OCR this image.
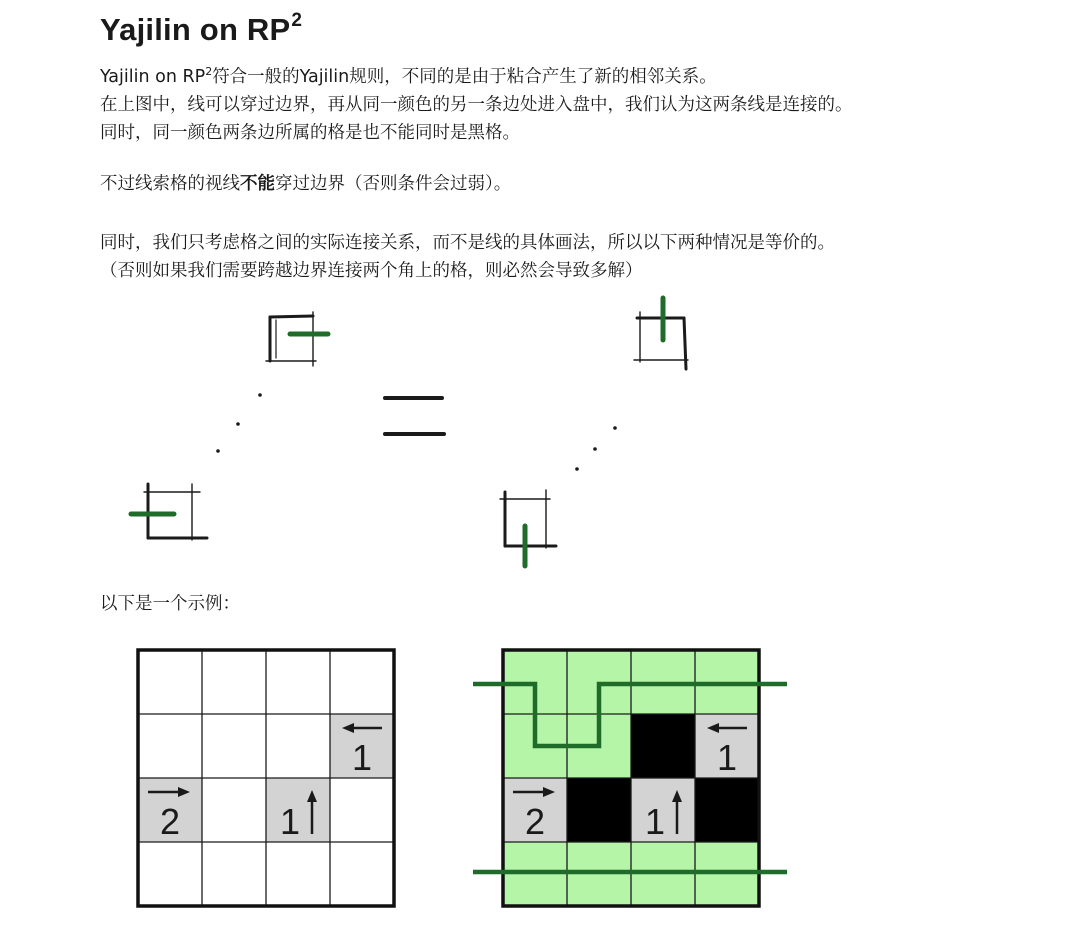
Yajilin on $RP^2$
Yajilin on $RP^2$符合一般的Yajilin规则，不同的是由于粘合产生了新的相邻关系。
在上图中，线可以穿过边界，再从同一颜色的另一条边处进入盘中，我们认为这两条线是连接的。
同时，同一颜色两条边所属的格是也不能同时是黑格。
不过线索格的视线不能穿过边界（否则条件会过弱）。
同时，我们只考虑格之间的实际连接关系，而不是线的具体画法，所以以下两种情况是等价的。
（否则如果我们需要跨越边界连接两个角上的格，则必然会导致多解）
以下是一个示例：
1
2	1
1
2	1
